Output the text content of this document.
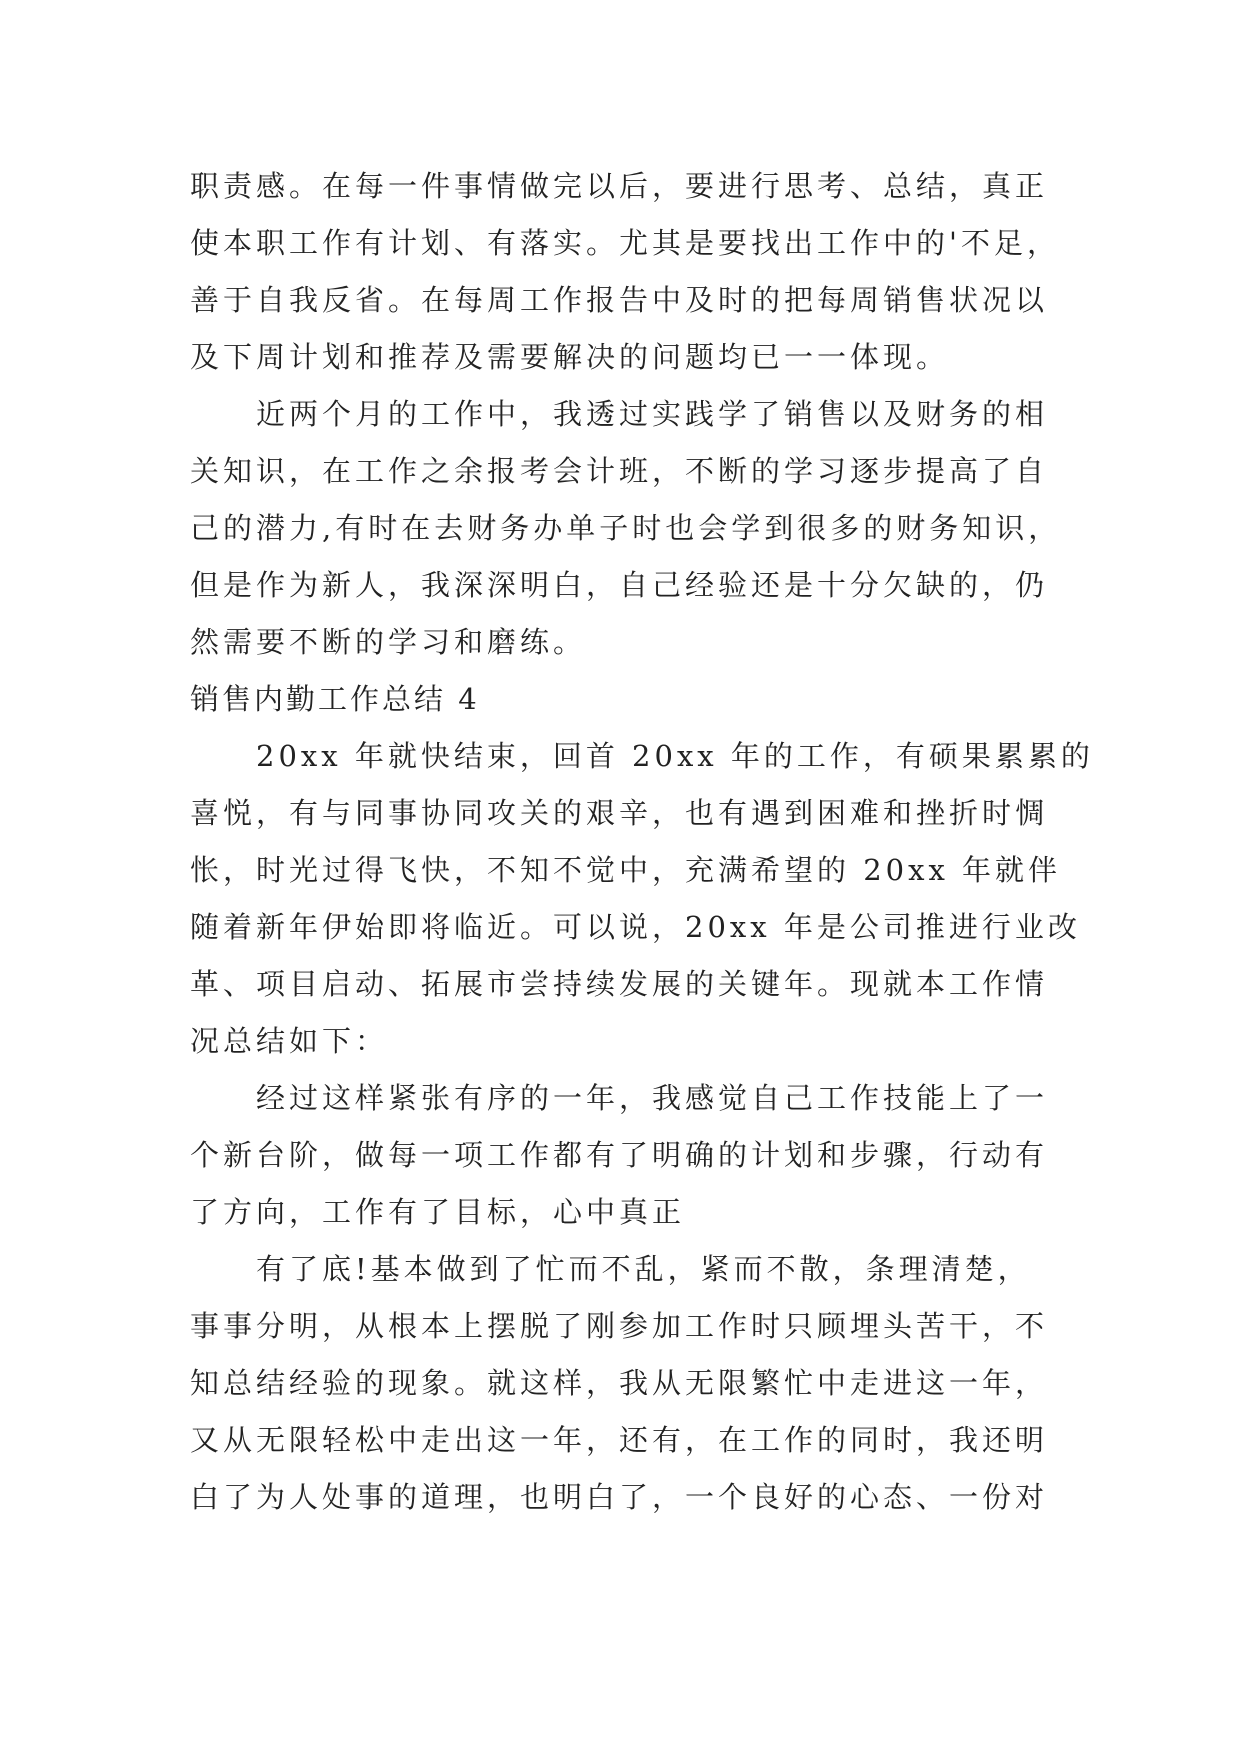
职责感。在每一件事情做完以后，要进行思考、总结，真正
使本职工作有计划、有落实。尤其是要找出工作中的'不足，
善于自我反省。在每周工作报告中及时的把每周销售状况以
及下周计划和推荐及需要解决的问题均已一一体现。
近两个月的工作中，我透过实践学了销售以及财务的相
关知识，在工作之余报考会计班，不断的学习逐步提高了自
己的潜力,有时在去财务办单子时也会学到很多的财务知识，
但是作为新人，我深深明白，自己经验还是十分欠缺的，仍
然需要不断的学习和磨练。
销售内勤工作总结 4
20xx 年就快结束，回首 20xx 年的工作，有硕果累累的
喜悦，有与同事协同攻关的艰辛，也有遇到困难和挫折时惆
怅，时光过得飞快，不知不觉中，充满希望的 20xx 年就伴
随着新年伊始即将临近。可以说，20xx 年是公司推进行业改
革、项目启动、拓展市尝持续发展的关键年。现就本工作情
况总结如下：
经过这样紧张有序的一年，我感觉自己工作技能上了一
个新台阶，做每一项工作都有了明确的计划和步骤，行动有
了方向，工作有了目标，心中真正
有了底!基本做到了忙而不乱，紧而不散，条理清楚，
事事分明，从根本上摆脱了刚参加工作时只顾埋头苦干，不
知总结经验的现象。就这样，我从无限繁忙中走进这一年，
又从无限轻松中走出这一年，还有，在工作的同时，我还明
白了为人处事的道理，也明白了，一个良好的心态、一份对
